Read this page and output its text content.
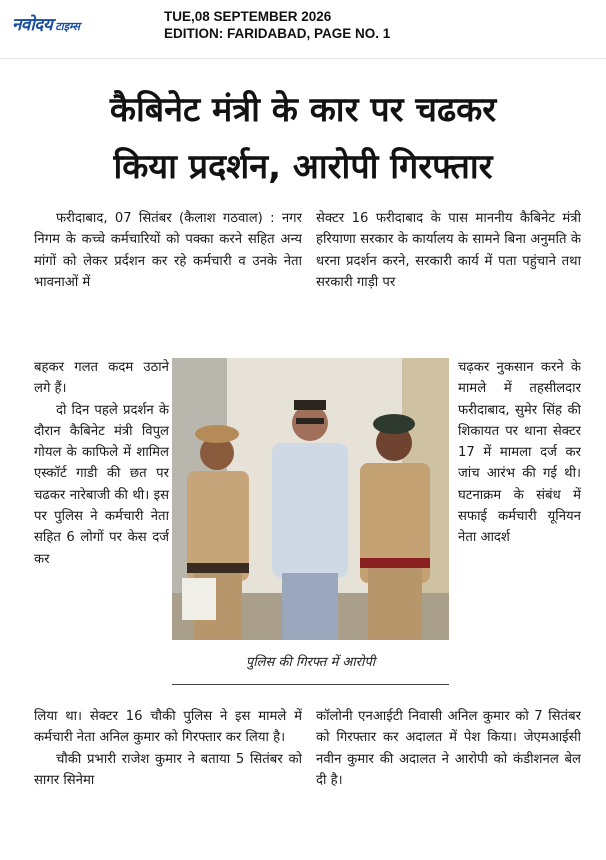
नवोदय टाइम्स
TUE,08 SEPTEMBER 2026
EDITION: FARIDABAD, PAGE NO. 1
कैबिनेट मंत्री के कार पर चढकर
किया प्रदर्शन, आरोपी गिरफ्तार

फरीदाबाद, 07 सितंबर (कैलाश गठवाल) : नगर निगम के कच्चे कर्मचारियों को पक्का करने सहित अन्य मांगों को लेकर प्रर्दशन कर रहे कर्मचारी व उनके नेता भावनाओं में

सेक्टर 16 फरीदाबाद के पास माननीय कैबिनेट मंत्री हरियाणा सरकार के कार्यालय के सामने बिना अनुमति के धरना प्रदर्शन करने, सरकारी कार्य में पता पहुंचाने तथा सरकारी गाड़ी पर

बहकर गलत कदम उठाने लगे हैं।

दो दिन पहले प्रदर्शन के दौरान कैबिनेट मंत्री विपुल गोयल के काफिले में शामिल एस्कॉर्ट गाडी की छत पर चढकर नारेबाजी की थी। इस पर पुलिस ने कर्मचारी नेता सहित 6 लोगों पर केस दर्ज कर

पुलिस की गिरफ्त में आरोपी

चढ़कर नुकसान करने के मामले में तहसीलदार फरीदाबाद, सुमेर सिंह की शिकायत पर थाना सेक्टर 17 में मामला दर्ज कर जांच आरंभ की गई थी। घटनाक्रम के संबंध में सफाई कर्मचारी यूनियन नेता आदर्श

लिया था। सेक्टर 16 चौकी पुलिस ने इस मामले में कर्मचारी नेता अनिल कुमार को गिरफ्तार कर लिया है।

चौकी प्रभारी राजेश कुमार ने बताया 5 सितंबर को सागर सिनेमा

कॉलोनी एनआईटी निवासी अनिल कुमार को 7 सितंबर को गिरफ्तार कर अदालत में पेश किया। जेएमआईसी नवीन कुमार की अदालत ने आरोपी को कंडीशनल बेल दी है।
